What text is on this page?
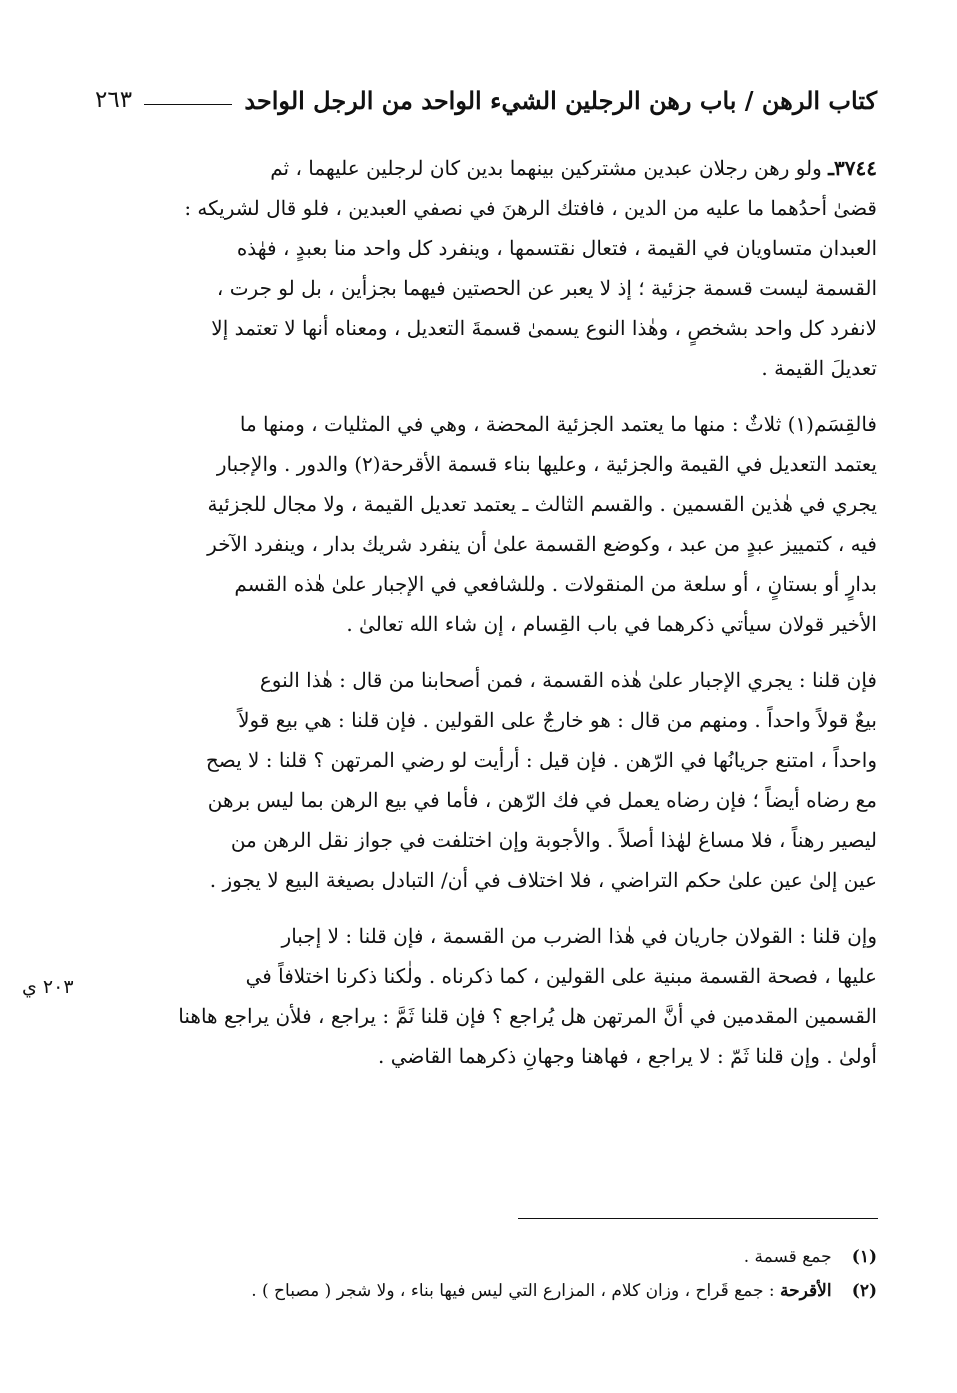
كتاب الرهن / باب رهن الرجلين الشيء الواحد من الرجل الواحد
٢٦٣

٣٧٤٤ـ ولو رهن رجلان عبدين مشتركين بينهما بدين كان لرجلين عليهما ، ثم
قضىٰ أحدُهما ما عليه من الدين ، فافتك الرهنَ في نصفي العبدين ، فلو قال لشريكه :
العبدان متساويان في القيمة ، فتعال نقتسمها ، وينفرد كل واحد منا بعبدٍ ، فهٰذه
القسمة ليست قسمة جزئية ؛ إذ لا يعبر عن الحصتين فيهما بجزأين ، بل لو جرت ،
لانفرد كل واحد بشخصٍ ، وهٰذا النوع يسمىٰ قسمةَ التعديل ، ومعناه أنها لا تعتمد إلا
تعديلَ القيمة .

فالقِسَم(١) ثلاثٌ : منها ما يعتمد الجزئية المحضة ، وهي في المثليات ، ومنها ما
يعتمد التعديل في القيمة والجزئية ، وعليها بناء قسمة الأقرحة(٢) والدور . والإجبار
يجري في هٰذين القسمين . والقسم الثالث ـ يعتمد تعديل القيمة ، ولا مجال للجزئية
فيه ، كتمييز عبدٍ من عبد ، وكوضع القسمة علىٰ أن ينفرد شريك بدار ، وينفرد الآخر
بدارٍ أو بستانٍ ، أو سلعة من المنقولات . وللشافعي في الإجبار علىٰ هٰذه القسم
الأخير قولان سيأتي ذكرهما في باب القِسام ، إن شاء الله تعالىٰ .

فإن قلنا : يجري الإجبار علىٰ هٰذه القسمة ، فمن أصحابنا من قال : هٰذا النوع
بيعٌ قولاً واحداً . ومنهم من قال : هو خارجٌ على القولين . فإن قلنا : هي بيع قولاً
واحداً ، امتنع جريانُها في الرّهن . فإن قيل : أرأيت لو رضي المرتهن ؟ قلنا : لا يصح
مع رضاه أيضاً ؛ فإن رضاه يعمل في فك الرّهن ، فأما في بيع الرهن بما ليس برهن
ليصير رهناً ، فلا مساغ لهٰذا أصلاً . والأجوبة وإن اختلفت في جواز نقل الرهن من
عين إلىٰ عين علىٰ حكم التراضي ، فلا اختلاف في أن/ التبادل بصيغة البيع لا يجوز .

وإن قلنا : القولان جاريان في هٰذا الضرب من القسمة ، فإن قلنا : لا إجبار
عليها ، فصحة القسمة مبنية على القولين ، كما ذكرناه . ولٰكنا ذكرنا اختلافاً في
القسمين المقدمين في أنَّ المرتهن هل يُراجع ؟ فإن قلنا ثَمَّ : يراجع ، فلأن يراجع هاهنا
أولىٰ . وإن قلنا ثَمّ : لا يراجع ، فهاهنا وجهانِ ذكرهما القاضي .

٢٠٣ ي
(١) جمع قسمة .
(٢) الأقرحة : جمع قَراح ، وزان كلام ، المزارع التي ليس فيها بناء ، ولا شجر ( مصباح ) .
